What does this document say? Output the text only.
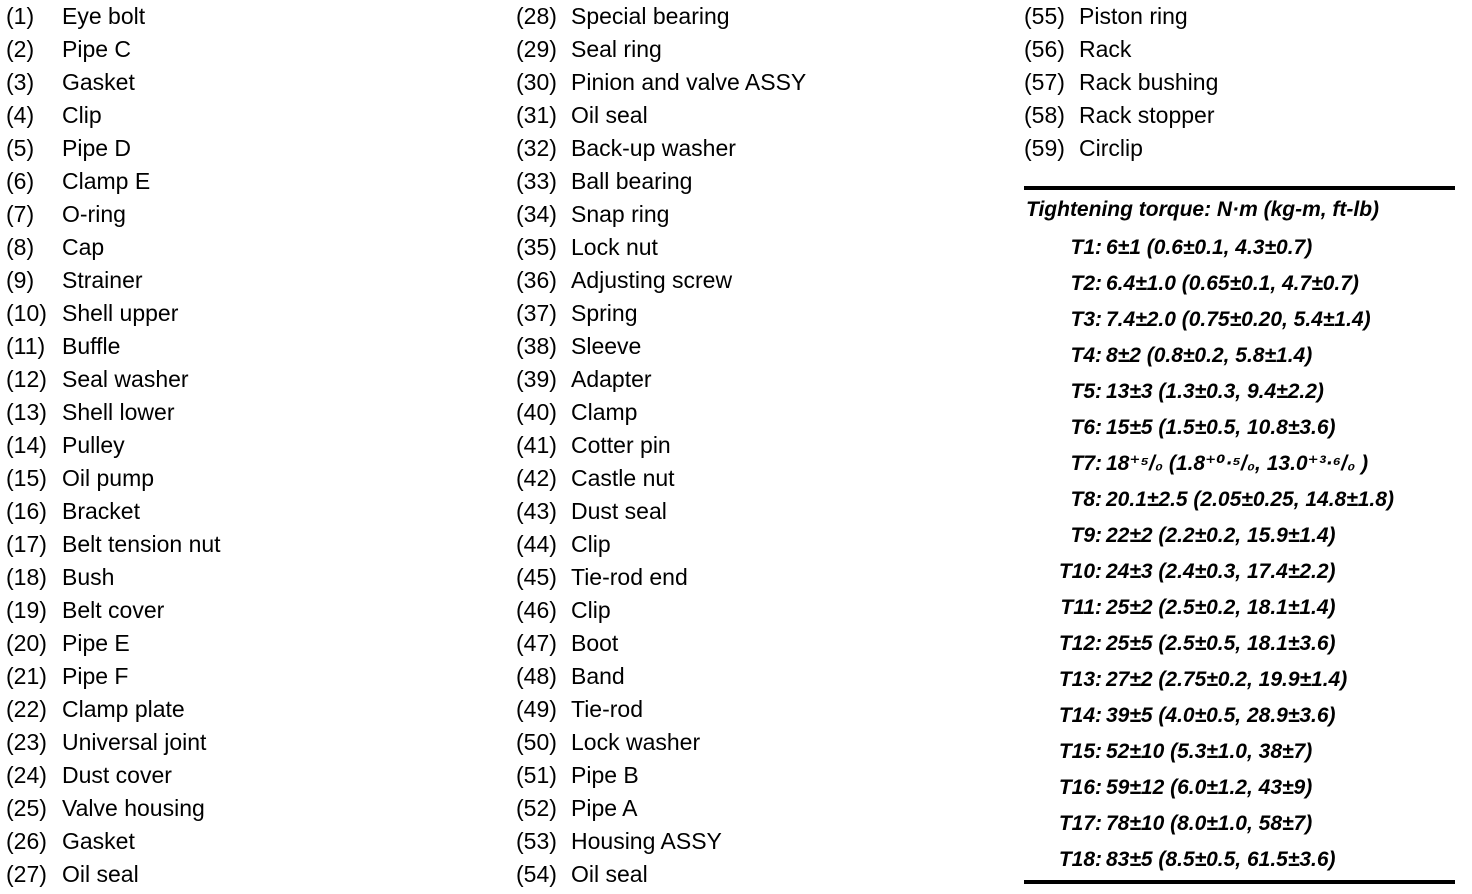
(1)	Eye bolt
(2)	Pipe C
(3)	Gasket
(4)	Clip
(5)	Pipe D
(6)	Clamp E
(7)	O-ring
(8)	Cap
(9)	Strainer
(10) Shell upper
(11) Buffle
(12) Seal washer
(13) Shell lower
(14) Pulley
(15) Oil pump
(16) Bracket
(17) Belt tension nut
(18) Bush
(19) Belt cover
(20) Pipe E
(21) Pipe F
(22) Clamp plate
(23) Universal joint
(24) Dust cover
(25) Valve housing
(26) Gasket
(27) Oil seal
(28) Special bearing
(29) Seal ring
(30) Pinion and valve ASSY
(31) Oil seal
(32) Back-up washer
(33) Ball bearing
(34) Snap ring
(35) Lock nut
(36) Adjusting screw
(37) Spring
(38) Sleeve
(39) Adapter
(40) Clamp
(41) Cotter pin
(42) Castle nut
(43) Dust seal
(44) Clip
(45) Tie-rod end
(46) Clip
(47) Boot
(48) Band
(49) Tie-rod
(50) Lock washer
(51) Pipe B
(52) Pipe A
(53) Housing ASSY
(54) Oil seal
(55) Piston ring
(56) Rack
(57) Rack bushing
(58) Rack stopper
(59) Circlip
Tightening torque: N·m (kg-m, ft-lb)
T1: 6±1 (0.6±0.1, 4.3±0.7)
T2: 6.4±1.0 (0.65±0.1, 4.7±0.7)
T3: 7.4±2.0 (0.75±0.20, 5.4±1.4)
T4: 8±2 (0.8±0.2, 5.8±1.4)
T5: 13±3 (1.3±0.3, 9.4±2.2)
T6: 15±5 (1.5±0.5, 10.8±3.6)
T7: 18⁺⁵/₀ (1.8⁺⁰·⁵/₀, 13.0⁺³·⁶/₀ )
T8: 20.1±2.5 (2.05±0.25, 14.8±1.8)
T9: 22±2 (2.2±0.2, 15.9±1.4)
T10: 24±3 (2.4±0.3, 17.4±2.2)
T11: 25±2 (2.5±0.2, 18.1±1.4)
T12: 25±5 (2.5±0.5, 18.1±3.6)
T13: 27±2 (2.75±0.2, 19.9±1.4)
T14: 39±5 (4.0±0.5, 28.9±3.6)
T15: 52±10 (5.3±1.0, 38±7)
T16: 59±12 (6.0±1.2, 43±9)
T17: 78±10 (8.0±1.0, 58±7)
T18: 83±5 (8.5±0.5, 61.5±3.6)
